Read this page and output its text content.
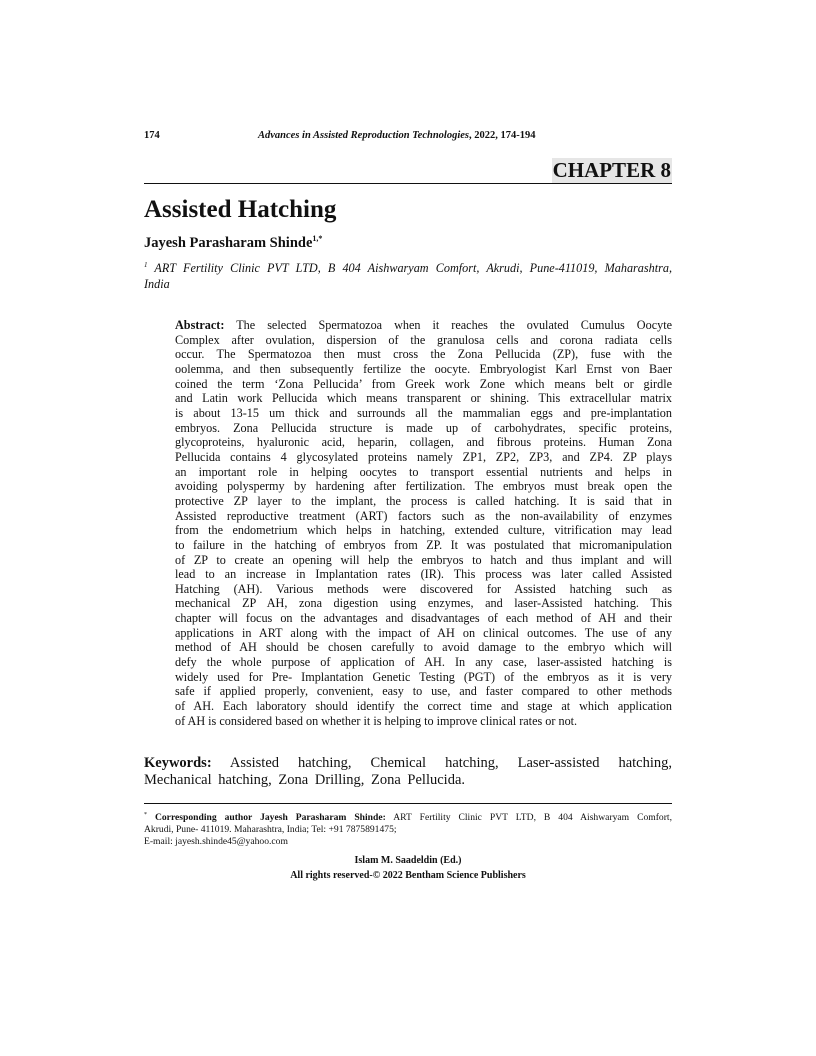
174	Advances in Assisted Reproduction Technologies, 2022, 174-194
CHAPTER 8
Assisted Hatching
Jayesh Parasharam Shinde$^{1,*}$
$^1$ ART Fertility Clinic PVT LTD, B 404 Aishwaryam Comfort, Akrudi, Pune-411019, Maharashtra,
India
Abstract: The selected Spermatozoa when it reaches the ovulated Cumulus Oocyte
Complex after ovulation, dispersion of the granulosa cells and corona radiata cells
occur. The Spermatozoa then must cross the Zona Pellucida (ZP), fuse with the
oolemma, and then subsequently fertilize the oocyte. Embryologist Karl Ernst von Baer
coined the term ‘Zona Pellucida’ from Greek work Zone which means belt or girdle
and Latin work Pellucida which means transparent or shining. This extracellular matrix
is about 13-15 um thick and surrounds all the mammalian eggs and pre-implantation
embryos. Zona Pellucida structure is made up of carbohydrates, specific proteins,
glycoproteins, hyaluronic acid, heparin, collagen, and fibrous proteins. Human Zona
Pellucida contains 4 glycosylated proteins namely ZP1, ZP2, ZP3, and ZP4. ZP plays
an important role in helping oocytes to transport essential nutrients and helps in
avoiding polyspermy by hardening after fertilization. The embryos must break open the
protective ZP layer to the implant, the process is called hatching. It is said that in
Assisted reproductive treatment (ART) factors such as the non-availability of enzymes
from the endometrium which helps in hatching, extended culture, vitrification may lead
to failure in the hatching of embryos from ZP. It was postulated that micromanipulation
of ZP to create an opening will help the embryos to hatch and thus implant and will
lead to an increase in Implantation rates (IR). This process was later called Assisted
Hatching (AH). Various methods were discovered for Assisted hatching such as
mechanical ZP AH, zona digestion using enzymes, and laser-Assisted hatching. This
chapter will focus on the advantages and disadvantages of each method of AH and their
applications in ART along with the impact of AH on clinical outcomes. The use of any
method of AH should be chosen carefully to avoid damage to the embryo which will
defy the whole purpose of application of AH. In any case, laser-assisted hatching is
widely used for Pre- Implantation Genetic Testing (PGT) of the embryos as it is very
safe if applied properly, convenient, easy to use, and faster compared to other methods
of AH. Each laboratory should identify the correct time and stage at which application
of AH is considered based on whether it is helping to improve clinical rates or not.
Keywords: Assisted hatching, Chemical hatching, Laser-assisted hatching,
Mechanical hatching, Zona Drilling, Zona Pellucida.
* Corresponding author Jayesh Parasharam Shinde: ART Fertility Clinic PVT LTD, B 404 Aishwaryam Comfort,
Akrudi, Pune- 411019. Maharashtra, India; Tel: +91 7875891475;
E-mail: jayesh.shinde45@yahoo.com
Islam M. Saadeldin (Ed.)
All rights reserved-© 2022 Bentham Science Publishers
